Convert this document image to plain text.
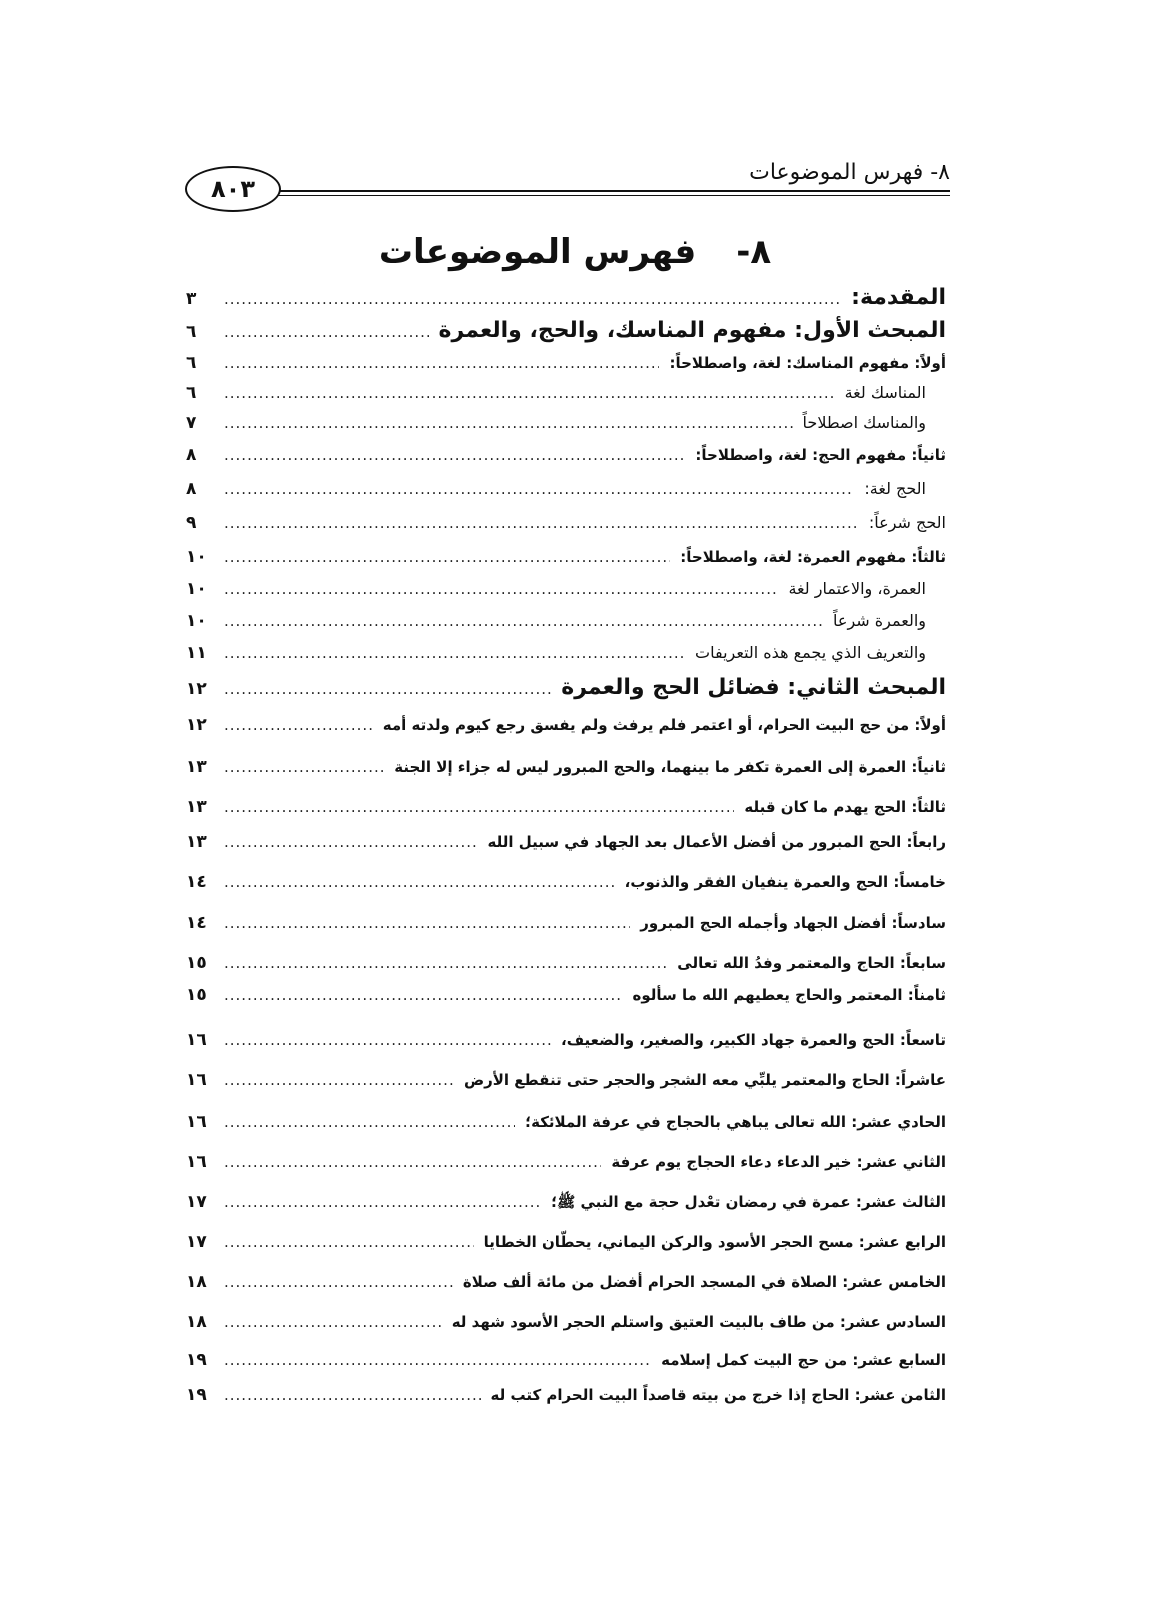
٨- فهرس الموضوعات
٨٠٣
٨-فهرس الموضوعات
المقدمة:
.....
٣
المبحث الأول: مفهوم المناسك، والحج، والعمرة
.....
٦
أولاً: مفهوم المناسك: لغة، واصطلاحاً:
.....
٦
المناسك لغة
.....
٦
والمناسك اصطلاحاً
.....
٧
ثانياً: مفهوم الحج: لغة، واصطلاحاً:
.....
٨
الحج لغة:
.....
٨
الحج شرعاً:
.....
٩
ثالثاً: مفهوم العمرة: لغة، واصطلاحاً:
.....
١٠
العمرة، والاعتمار لغة
.....
١٠
والعمرة شرعاً
.....
١٠
والتعريف الذي يجمع هذه التعريفات
.....
١١
المبحث الثاني: فضائل الحج والعمرة
.....
١٢
أولاً: من حج البيت الحرام، أو اعتمر فلم يرفث ولم يفسق رجع كيوم ولدته أمه
.....
١٢
ثانياً: العمرة إلى العمرة تكفر ما بينهما، والحج المبرور ليس له جزاء إلا الجنة
.....
١٣
ثالثاً: الحج يهدم ما كان قبله
.....
١٣
رابعاً: الحج المبرور من أفضل الأعمال بعد الجهاد في سبيل الله
.....
١٣
خامساً: الحج والعمرة ينفيان الفقر والذنوب،
.....
١٤
سادساً: أفضل الجهاد وأجمله الحج المبرور
.....
١٤
سابعاً: الحاج والمعتمر وفدُ الله تعالى
.....
١٥
ثامناً: المعتمر والحاج يعطيهم الله ما سألوه
.....
١٥
تاسعاً: الحج والعمرة جهاد الكبير، والصغير، والضعيف،
.....
١٦
عاشراً: الحاج والمعتمر يلبِّي معه الشجر والحجر حتى تنقطع الأرض
.....
١٦
الحادي عشر: الله تعالى يباهي بالحجاج في عرفة الملائكة؛
.....
١٦
الثاني عشر: خير الدعاء دعاء الحجاج يوم عرفة
.....
١٦
الثالث عشر: عمرة في رمضان تعْدل حجة مع النبي ﷺ؛
.....
١٧
الرابع عشر: مسح الحجر الأسود والركن اليماني، يحطّان الخطايا
.....
١٧
الخامس عشر: الصلاة في المسجد الحرام أفضل من مائة ألف صلاة
.....
١٨
السادس عشر: من طاف بالبيت العتيق واستلم الحجر الأسود شهد له
.....
١٨
السابع عشر: من حج البيت كمل إسلامه
.....
١٩
الثامن عشر: الحاج إذا خرج من بيته قاصداً البيت الحرام كتب له
.....
١٩
